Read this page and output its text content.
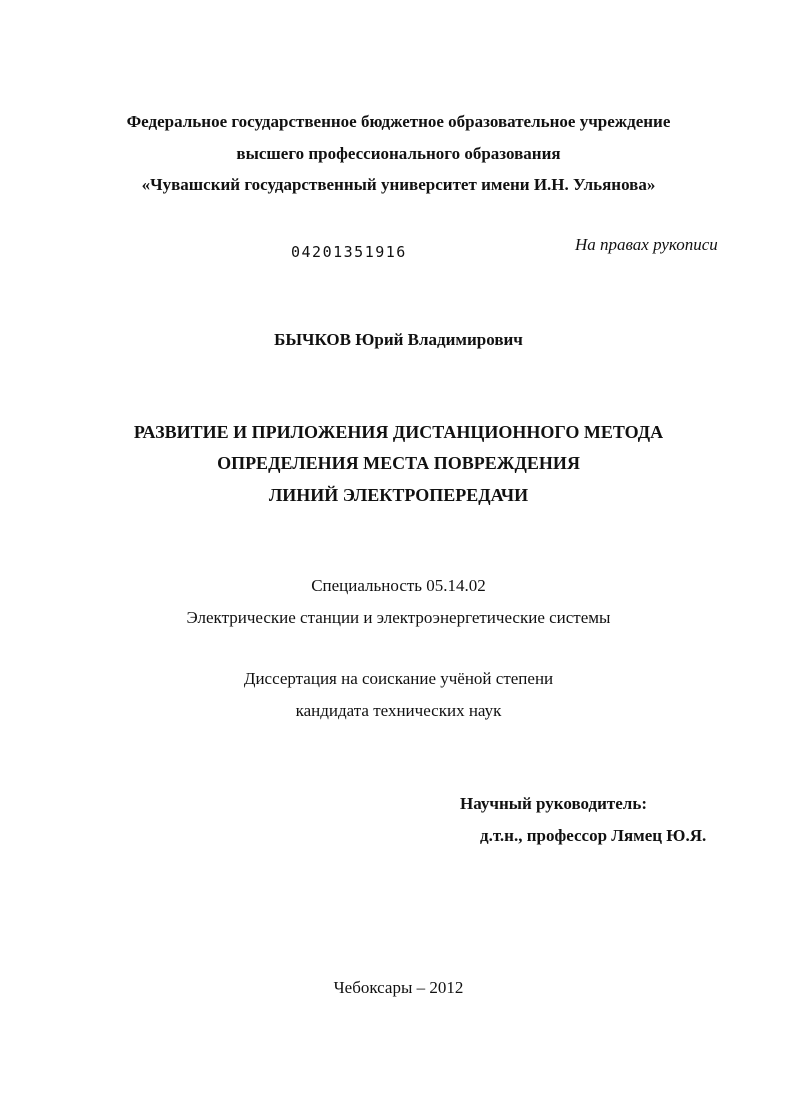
Федеральное государственное бюджетное образовательное учреждение
высшего профессионального образования
«Чувашский государственный университет имени И.Н. Ульянова»
04201351916	На правах рукописи
БЫЧКОВ Юрий Владимирович
РАЗВИТИЕ И ПРИЛОЖЕНИЯ ДИСТАНЦИОННОГО МЕТОДА
ОПРЕДЕЛЕНИЯ МЕСТА ПОВРЕЖДЕНИЯ
ЛИНИЙ ЭЛЕКТРОПЕРЕДАЧИ
Специальность 05.14.02
Электрические станции и электроэнергетические системы
Диссертация на соискание учёной степени
кандидата технических наук
Научный руководитель:
д.т.н., профессор Лямец Ю.Я.
Чебоксары – 2012
